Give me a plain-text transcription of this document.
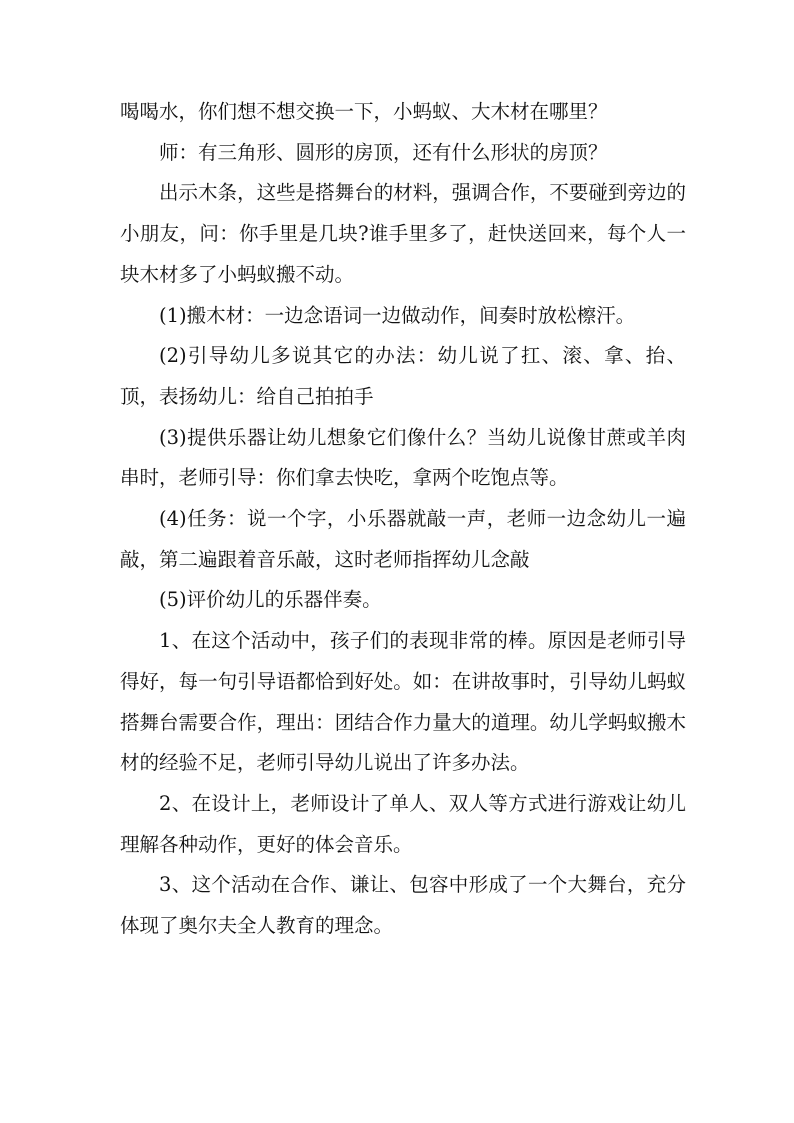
喝喝水，你们想不想交换一下，小蚂蚁、大木材在哪里？

师：有三角形、圆形的房顶，还有什么形状的房顶？

出示木条，这些是搭舞台的材料，强调合作，不要碰到旁边的小朋友，问：你手里是几块?谁手里多了，赶快送回来，每个人一块木材多了小蚂蚁搬不动。

(1)搬木材：一边念语词一边做动作，间奏时放松檫汗。

(2)引导幼儿多说其它的办法：幼儿说了扛、滚、拿、抬、顶，表扬幼儿：给自己拍拍手

(3)提供乐器让幼儿想象它们像什么？当幼儿说像甘蔗或羊肉串时，老师引导：你们拿去快吃，拿两个吃饱点等。

(4)任务：说一个字，小乐器就敲一声，老师一边念幼儿一遍敲，第二遍跟着音乐敲，这时老师指挥幼儿念敲

(5)评价幼儿的乐器伴奏。

1、在这个活动中，孩子们的表现非常的棒。原因是老师引导得好，每一句引导语都恰到好处。如：在讲故事时，引导幼儿蚂蚁搭舞台需要合作，理出：团结合作力量大的道理。幼儿学蚂蚁搬木材的经验不足，老师引导幼儿说出了许多办法。

2、在设计上，老师设计了单人、双人等方式进行游戏让幼儿理解各种动作，更好的体会音乐。

3、这个活动在合作、谦让、包容中形成了一个大舞台，充分体现了奥尔夫全人教育的理念。
